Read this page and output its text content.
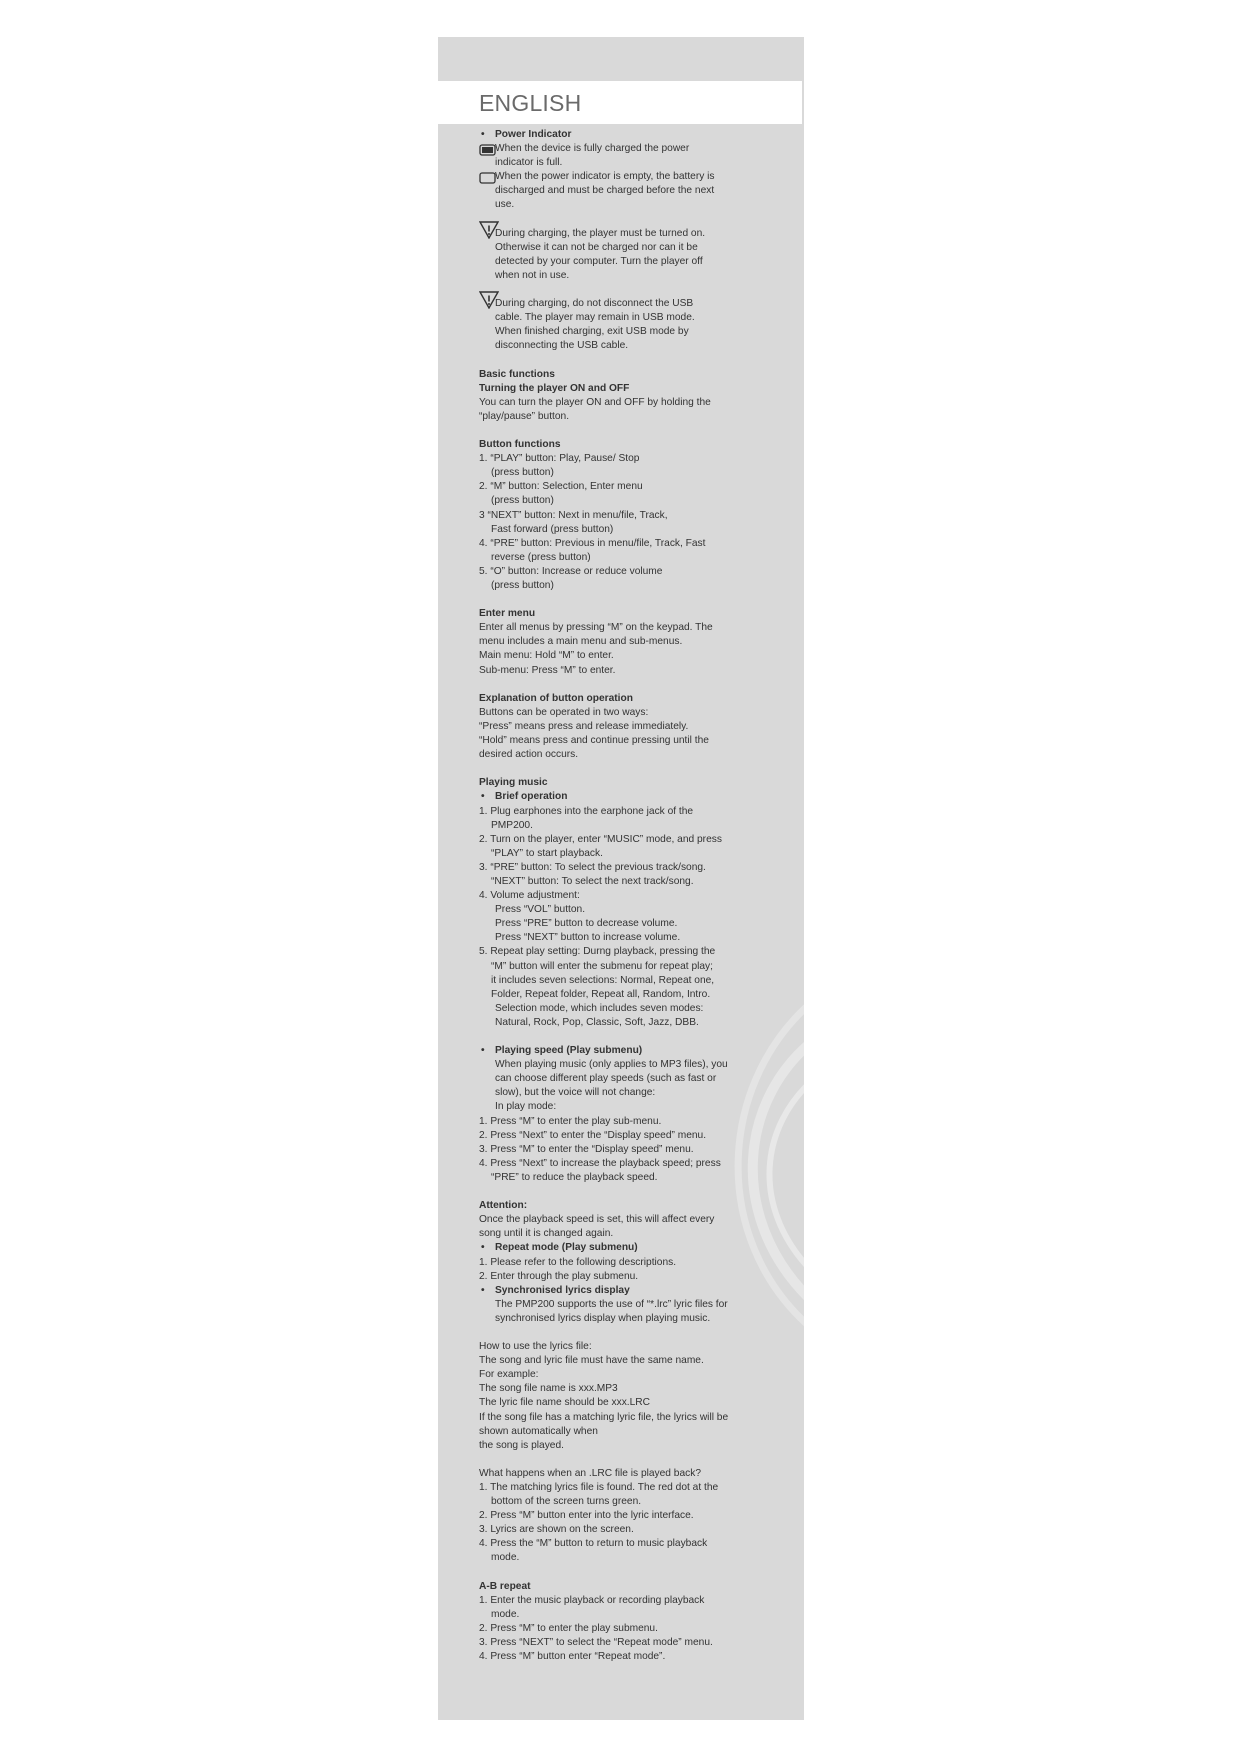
ENGLISH
• Power Indicator
When the device is fully charged the power
indicator is full.
When the power indicator is empty, the battery is
discharged and must be charged before the next
use.
During charging, the player must be turned on.
Otherwise it can not be charged nor can it be
detected by your computer. Turn the player off
when not in use.
During charging, do not disconnect the USB
cable. The player may remain in USB mode.
When finished charging, exit USB mode by
disconnecting the USB cable.
Basic functions
Turning the player ON and OFF
You can turn the player ON and OFF by holding the
“play/pause” button.
Button functions
1. “PLAY” button: Play, Pause/ Stop
(press button)
2. “M” button: Selection, Enter menu
(press button)
3 “NEXT” button: Next in menu/file, Track,
Fast forward (press button)
4. “PRE” button: Previous in menu/file, Track, Fast
reverse (press button)
5. “O” button: Increase or reduce volume
(press button)
Enter menu
Enter all menus by pressing “M” on the keypad. The
menu includes a main menu and sub-menus.
Main menu: Hold “M” to enter.
Sub-menu: Press “M” to enter.
Explanation of button operation
Buttons can be operated in two ways:
“Press” means press and release immediately.
“Hold” means press and continue pressing until the
desired action occurs.
Playing music
• Brief operation
1. Plug earphones into the earphone jack of the
PMP200.
2. Turn on the player, enter “MUSIC” mode, and press
“PLAY” to start playback.
3. “PRE” button: To select the previous track/song.
“NEXT” button: To select the next track/song.
4. Volume adjustment:
Press “VOL” button.
Press “PRE” button to decrease volume.
Press “NEXT” button to increase volume.
5. Repeat play setting: Durng playback, pressing the
“M” button will enter the submenu for repeat play;
it includes seven selections: Normal, Repeat one,
Folder, Repeat folder, Repeat all, Random, Intro.
Selection mode, which includes seven modes:
Natural, Rock, Pop, Classic, Soft, Jazz, DBB.
• Playing speed (Play submenu)
When playing music (only applies to MP3 files), you
can choose different play speeds (such as fast or
slow), but the voice will not change:
In play mode:
1. Press “M” to enter the play sub-menu.
2. Press “Next” to enter the “Display speed” menu.
3. Press “M” to enter the “Display speed” menu.
4. Press “Next” to increase the playback speed; press
“PRE” to reduce the playback speed.
Attention:
Once the playback speed is set, this will affect every
song until it is changed again.
• Repeat mode (Play submenu)
1. Please refer to the following descriptions.
2. Enter through the play submenu.
• Synchronised lyrics display
The PMP200 supports the use of “*.lrc” lyric files for
synchronised lyrics display when playing music.
How to use the lyrics file:
The song and lyric file must have the same name.
For example:
The song file name is xxx.MP3
The lyric file name should be xxx.LRC
If the song file has a matching lyric file, the lyrics will be
shown automatically when
the song is played.
What happens when an .LRC file is played back?
1. The matching lyrics file is found. The red dot at the
bottom of the screen turns green.
2. Press “M” button enter into the lyric interface.
3. Lyrics are shown on the screen.
4. Press the “M” button to return to music playback
mode.
A-B repeat
1. Enter the music playback or recording playback
mode.
2. Press “M” to enter the play submenu.
3. Press “NEXT” to select the “Repeat mode” menu.
4. Press “M” button enter “Repeat mode”.
